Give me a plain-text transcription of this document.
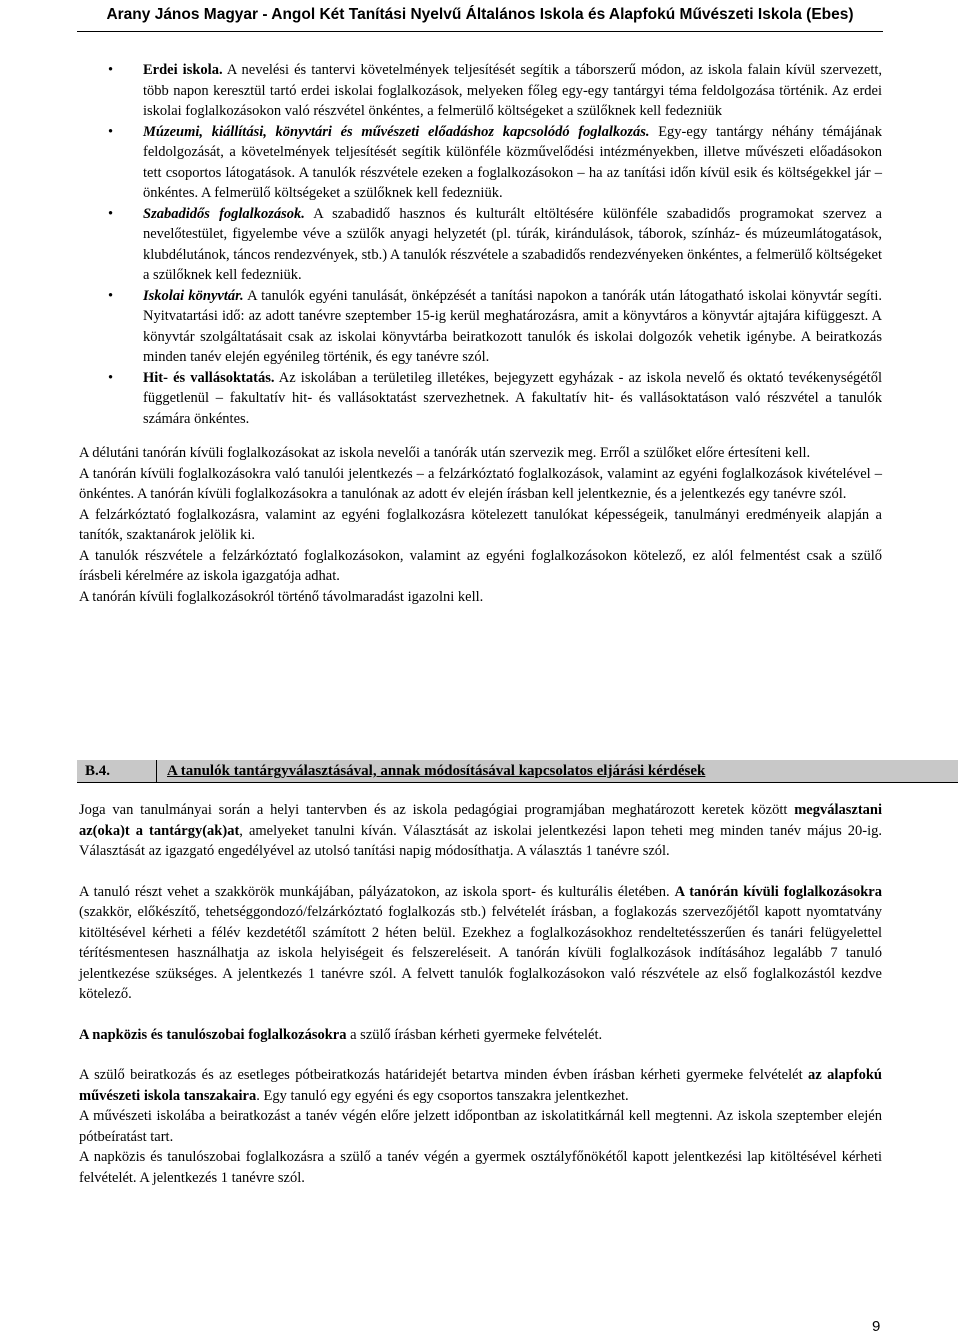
Arany János Magyar - Angol Két Tanítási Nyelvű Általános Iskola és Alapfokú Művészeti Iskola (Ebes)

• Erdei iskola. A nevelési és tantervi követelmények teljesítését segítik a táborszerű módon, az iskola falain kívül szervezett, több napon keresztül tartó erdei iskolai foglalkozások, melyeken főleg egy-egy tantárgyi téma feldolgozása történik. Az erdei iskolai foglalkozásokon való részvétel önkéntes, a felmerülő költségeket a szülőknek kell fedezniük

• Múzeumi, kiállítási, könyvtári és művészeti előadáshoz kapcsolódó foglalkozás. Egy-egy tantárgy néhány témájának feldolgozását, a követelmények teljesítését segítik különféle közművelődési intézményekben, illetve művészeti előadásokon tett csoportos látogatások. A tanulók részvétele ezeken a foglalkozásokon – ha az tanítási időn kívül esik és költségekkel jár – önkéntes. A felmerülő költségeket a szülőknek kell fedezniük.

• Szabadidős foglalkozások. A szabadidő hasznos és kulturált eltöltésére különféle szabadidős programokat szervez a nevelőtestület, figyelembe véve a szülők anyagi helyzetét (pl. túrák, kirándulások, táborok, színház- és múzeumlátogatások, klubdélutánok, táncos rendezvények, stb.) A tanulók részvétele a szabadidős rendezvényeken önkéntes, a felmerülő költségeket a szülőknek kell fedezniük.

• Iskolai könyvtár. A tanulók egyéni tanulását, önképzését a tanítási napokon a tanórák után látogatható iskolai könyvtár segíti. Nyitvatartási idő: az adott tanévre szeptember 15-ig kerül meghatározásra, amit a könyvtáros a könyvtár ajtajára kifüggeszt. A könyvtár szolgáltatásait csak az iskolai könyvtárba beiratkozott tanulók és iskolai dolgozók vehetik igénybe. A beiratkozás minden tanév elején egyénileg történik, és egy tanévre szól.

• Hit- és vallásoktatás. Az iskolában a területileg illetékes, bejegyzett egyházak - az iskola nevelő és oktató tevékenységétől függetlenül – fakultatív hit- és vallásoktatást szervezhetnek. A fakultatív hit- és vallásoktatáson való részvétel a tanulók számára önkéntes.

A délutáni tanórán kívüli foglalkozásokat az iskola nevelői a tanórák után szervezik meg. Erről a szülőket előre értesíteni kell.

A tanórán kívüli foglalkozásokra való tanulói jelentkezés – a felzárkóztató foglalkozások, valamint az egyéni foglalkozások kivételével – önkéntes. A tanórán kívüli foglalkozásokra a tanulónak az adott év elején írásban kell jelentkeznie, és a jelentkezés egy tanévre szól.

A felzárkóztató foglalkozásra, valamint az egyéni foglalkozásra kötelezett tanulókat képességeik, tanulmányi eredményeik alapján a tanítók, szaktanárok jelölik ki.

A tanulók részvétele a felzárkóztató foglalkozásokon, valamint az egyéni foglalkozásokon kötelező, ez alól felmentést csak a szülő írásbeli kérelmére az iskola igazgatója adhat.

A tanórán kívüli foglalkozásokról történő távolmaradást igazolni kell.

B.4.	A tanulók tantárgyválasztásával, annak módosításával kapcsolatos eljárási kérdések

Joga van tanulmányai során a helyi tantervben és az iskola pedagógiai programjában meghatározott keretek között megválasztani az(oka)t a tantárgy(ak)at, amelyeket tanulni kíván. Választását az iskolai jelentkezési lapon teheti meg minden tanév május 20-ig. Választását az igazgató engedélyével az utolsó tanítási napig módosíthatja. A választás 1 tanévre szól.

A tanuló részt vehet a szakkörök munkájában, pályázatokon, az iskola sport- és kulturális életében. A tanórán kívüli foglalkozásokra (szakkör, előkészítő, tehetséggondozó/felzárkóztató foglalkozás stb.) felvételét írásban, a foglakozás szervezőjétől kapott nyomtatvány kitöltésével kérheti a félév kezdetétől számított 2 héten belül. Ezekhez a foglalkozásokhoz rendeltetésszerűen és tanári felügyelettel térítésmentesen használhatja az iskola helyiségeit és felszereléseit. A tanórán kívüli foglalkozások indításához legalább 7 tanuló jelentkezése szükséges. A jelentkezés 1 tanévre szól. A felvett tanulók foglalkozásokon való részvétele az első foglalkozástól kezdve kötelező.

A napközis és tanulószobai foglalkozásokra a szülő írásban kérheti gyermeke felvételét.

A szülő beiratkozás és az esetleges pótbeiratkozás határidejét betartva minden évben írásban kérheti gyermeke felvételét az alapfokú művészeti iskola tanszakaira. Egy tanuló egy egyéni és egy csoportos tanszakra jelentkezhet.

A művészeti iskolába a beiratkozást a tanév végén előre jelzett időpontban az iskolatitkárnál kell megtenni. Az iskola szeptember elején pótbeíratást tart.

A napközis és tanulószobai foglalkozásra a szülő a tanév végén a gyermek osztályfőnökétől kapott jelentkezési lap kitöltésével kérheti felvételét. A jelentkezés 1 tanévre szól.

9
